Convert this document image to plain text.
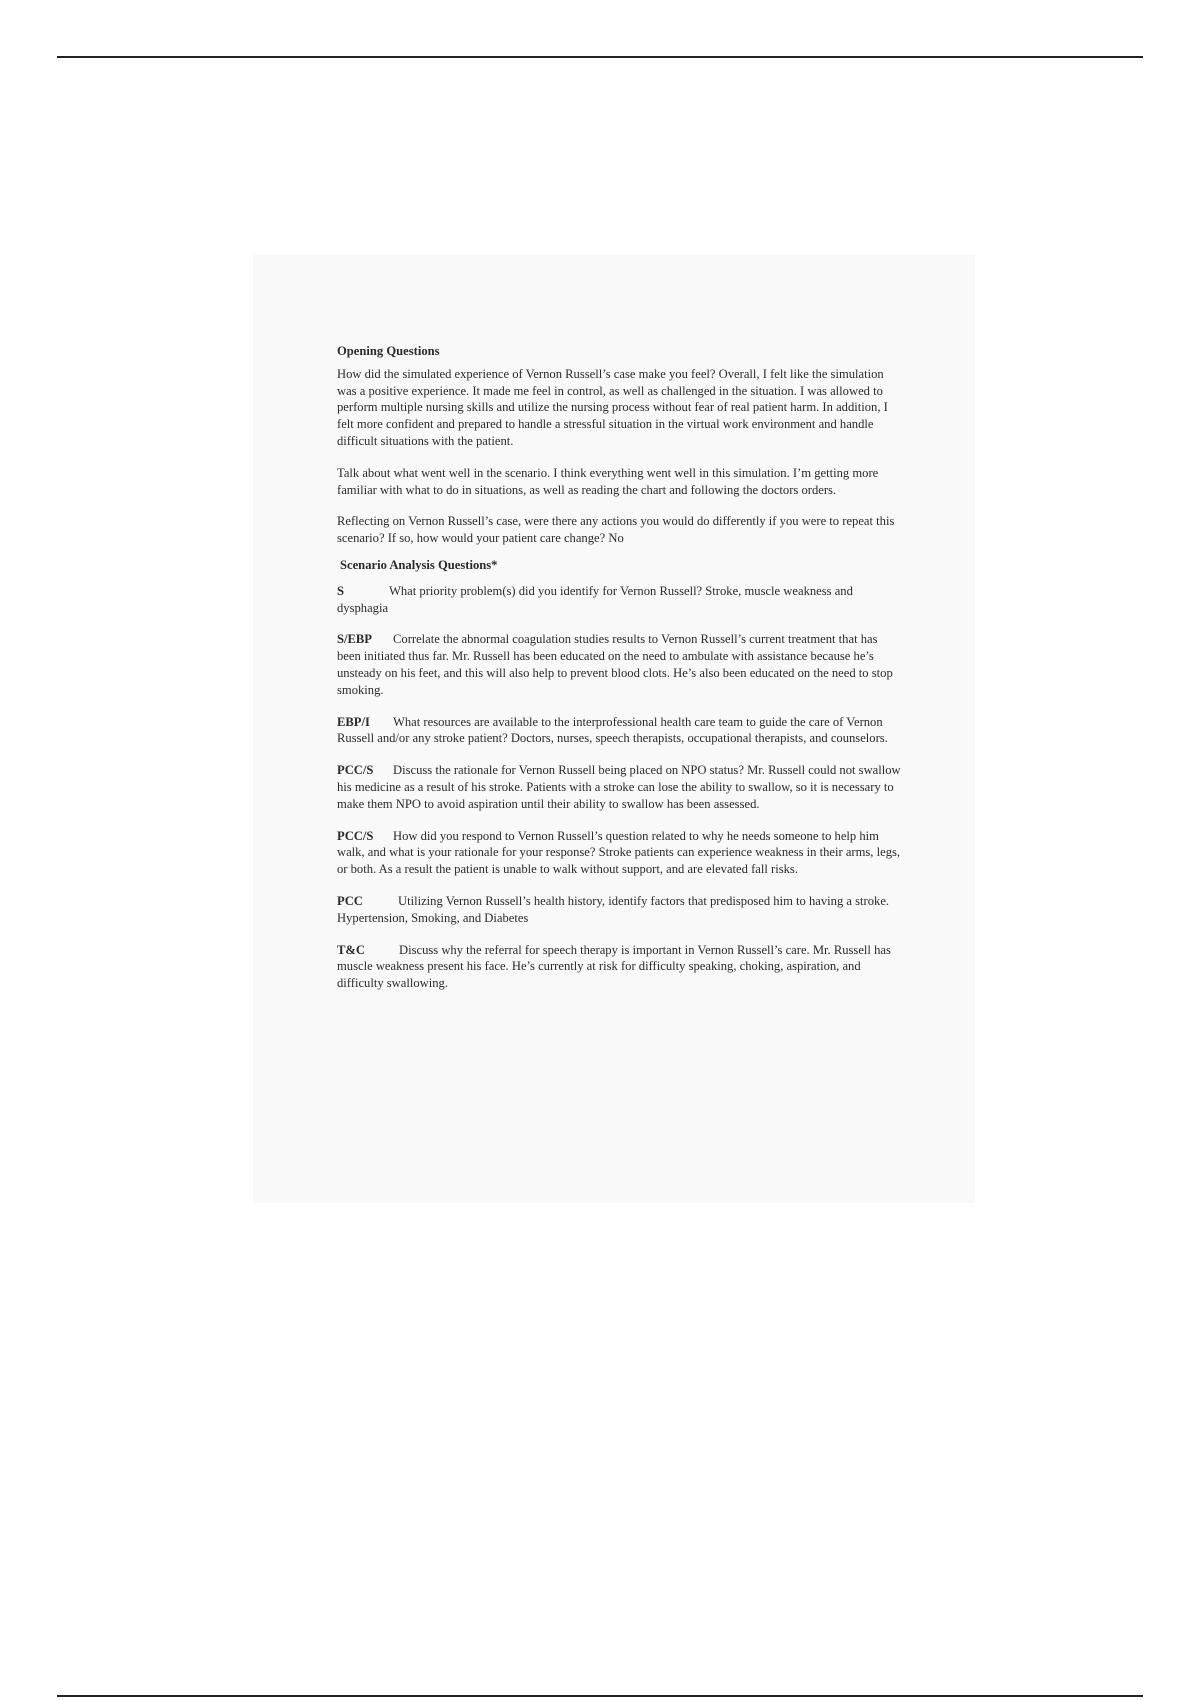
Opening Questions
How did the simulated experience of Vernon Russell’s case make you feel? Overall, I felt like the simulation was a positive experience. It made me feel in control, as well as challenged in the situation. I was allowed to perform multiple nursing skills and utilize the nursing process without fear of real patient harm. In addition, I felt more confident and prepared to handle a stressful situation in the virtual work environment and handle difficult situations with the patient.
Talk about what went well in the scenario. I think everything went well in this simulation. I’m getting more familiar with what to do in situations, as well as reading the chart and following the doctors orders.
Reflecting on Vernon Russell’s case, were there any actions you would do differently if you were to repeat this scenario? If so, how would your patient care change? No
Scenario Analysis Questions*
S	What priority problem(s) did you identify for Vernon Russell? Stroke, muscle weakness and dysphagia
S/EBP Correlate the abnormal coagulation studies results to Vernon Russell’s current treatment that has been initiated thus far. Mr. Russell has been educated on the need to ambulate with assistance because he’s unsteady on his feet, and this will also help to prevent blood clots. He’s also been educated on the need to stop smoking.
EBP/I What resources are available to the interprofessional health care team to guide the care of Vernon Russell and/or any stroke patient? Doctors, nurses, speech therapists, occupational therapists, and counselors.
PCC/S Discuss the rationale for Vernon Russell being placed on NPO status? Mr. Russell could not swallow his medicine as a result of his stroke. Patients with a stroke can lose the ability to swallow, so it is necessary to make them NPO to avoid aspiration until their ability to swallow has been assessed.
PCC/S How did you respond to Vernon Russell’s question related to why he needs someone to help him walk, and what is your rationale for your response? Stroke patients can experience weakness in their arms, legs, or both. As a result the patient is unable to walk without support, and are elevated fall risks.
PCC	Utilizing Vernon Russell’s health history, identify factors that predisposed him to having a stroke. Hypertension, Smoking, and Diabetes
T&C	Discuss why the referral for speech therapy is important in Vernon Russell’s care. Mr. Russell has muscle weakness present his face. He’s currently at risk for difficulty speaking, choking, aspiration, and difficulty swallowing.
